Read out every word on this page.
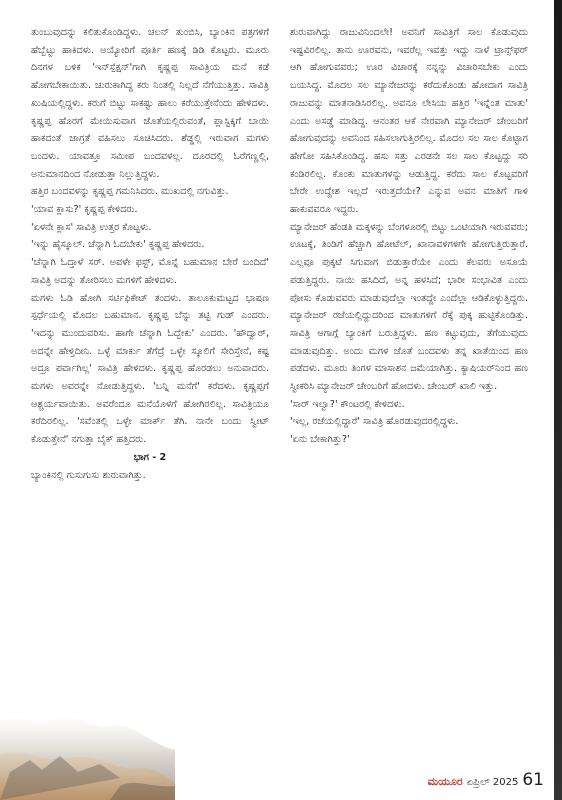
ತುಂಬುವುದನ್ನು ಕಲಿತುಕೊಂಡಿದ್ದಳು. ಚಲನ್ ತುಂಬಿಸಿ, ಬ್ಯಾಂಕಿನ ಪತ್ರಗಳಿಗೆ ಹೆಬ್ಬೆಟ್ಟು ಹಾಕಿದಳು. ಅಯ್ಯೋರಿಗೆ ಪೂರ್ತಿ ಹಣಕ್ಕೆ ಡಿಡಿ ಕೊಟ್ಟರು. ಮೂರು ದಿನಗಳ ಬಳಿಕ 'ಇನ್‌ಸ್ಪೆಕ್ಷನ್'ಗಾಗಿ ಕೃಷ್ಣಪ್ಪ ಸಾವಿತ್ರಿಯ ಮನೆ ಕಡೆ ಹೋಗಬೇಕಾಯಿತು. ಚುರುಕಾಗಿದ್ದ ಕರು ನಿಂತಲ್ಲಿ ನಿಲ್ಲದೆ ನೆಗೆಯುತ್ತಿತ್ತು. ಸಾವಿತ್ರಿ ಖುಷಿಯಲ್ಲಿದ್ದಳು. ಕರುಗೆ ಬಿಟ್ಟು ಸಾಕಷ್ಟು ಹಾಲು ಕರೆಯುತ್ತೇನೆಂದು ಹೇಳಿದಳು. ಕೃಷ್ಣಪ್ಪ ಹೊರಗೆ ಮೇಯಿಸುವಾಗ ಜೊತೆಯಲ್ಲಿರುವಂತೆ, ಪ್ಲಾಸ್ಟಿಕ್ಕಿಗೆ ಬಾಯಿ ಹಾಕದಂತೆ ಜಾಗ್ರತೆ ವಹಿಸಲು ಸೂಚಿಸಿದರು. ಶೆಡ್ಡಲ್ಲಿ ಇರುವಾಗ ಮಗಳು ಬಂದಳು. ಯಾವತ್ತೂ ಸಮೀಪ ಬಂದವಳಲ್ಲ. ದೂರದಲ್ಲಿ ಓರೆಗಣ್ಣಲ್ಲಿ, ಅನುಮಾನದಿಂದ ನೋಡುತ್ತಾ ನಿಲ್ಲುತ್ತಿದ್ದಳು.

ಹತ್ತಿರ ಬಂದವಳನ್ನು ಕೃಷ್ಣಪ್ಪ ಗಮನಿಸಿದರು. ಮುಖದಲ್ಲಿ ನಗುವಿತ್ತು.

'ಯಾವ ಕ್ಲಾಸು?' ಕೃಷ್ಣಪ್ಪ ಕೇಳಿದರು.

'ಏಳನೇ ಕ್ಲಾಸ' ಸಾವಿತ್ರಿ ಉತ್ತರ ಕೊಟ್ಟಳು.

'ಇನ್ನು ಹೈಸ್ಕೂಲ್. ಚೆನ್ನಾಗಿ ಓದಬೇಕು' ಕೃಷ್ಣಪ್ಪ ಹೇಳಿದರು.

'ಚೆನ್ನಾಗಿ ಓದ್ತಾಳೆ ಸರ್. ಅವಳೇ ಫಸ್ಟ್, ಮೊನ್ನೆ ಬಹುಮಾನ ಬೇರೆ ಬಂದಿದೆ' ಸಾವಿತ್ರಿ ಅದನ್ನು ತೋರಿಸಲು ಮಗಳಿಗೆ ಹೇಳಿದಳು.

ಮಗಳು ಓಡಿ ಹೋಗಿ ಸರ್ಟಿಫಿಕೇಟ್ ತಂದಳು. ತಾಲೂಕುಮಟ್ಟದ ಭಾಷಣ ಸ್ಪರ್ಧೆಯಲ್ಲಿ ಮೊದಲ ಬಹುಮಾನ. ಕೃಷ್ಣಪ್ಪ ಬೆನ್ನು ತಟ್ಟಿ ಗುಡ್ ಎಂದರು. 'ಇದನ್ನು ಮುಂದುವರಿಸು. ಹಾಗೇ ಚೆನ್ನಾಗಿ ಓದ್ಬೇಕು' ಎಂದರು. 'ಹೌದ್ವಾರ್, ಅದನ್ನೇ ಹೇಳ್ತಿದೀನಿ. ಒಳ್ಳೆ ಮಾರ್ಕು ತೆಗೆದ್ರೆ ಒಳ್ಳೇ ಸ್ಕೂಲಿಗೆ ಸೇರಿಸ್ತೇನೆ, ಕಷ್ಟ ಅದ್ರೂ ಪರ್ವಾಗಿಲ್ಲ' ಸಾವಿತ್ರಿ ಹೇಳಿದಳು. ಕೃಷ್ಣಪ್ಪ ಹೊರಡಲು ಅನುವಾದರು. ಮಗಳು ಅವರನ್ನೇ ನೋಡುತ್ತಿದ್ದಳು. 'ಬನ್ನಿ ಮನೆಗೆ' ಕರೆದಳು. ಕೃಷ್ಣಪ್ಪಗೆ ಆಶ್ಚರ್ಯವಾಯಿತು. ಅವರೆಂದೂ ಮನೆಯೊಳಗೆ ಹೋಗಿರಲಿಲ್ಲ. ಸಾವಿತ್ರಿಯೂ ಕರೆದಿರಲಿಲ್ಲ. 'ಸವೆಂತಲ್ಲಿ ಒಳ್ಳೇ ಮಾರ್ಕ್ ತೆಗಿ. ನಾನೇ ಬಂದು ಸ್ವೀಟ್ ಕೊಡುತ್ತೇನೆ' ನಗುತ್ತಾ ಬೈಕ್ ಹತ್ತಿದರು.

ಭಾಗ - 2

ಬ್ಯಾಂಕಿನಲ್ಲಿ ಗುಸುಗುಸು ಶುರುವಾಗಿತ್ತು.

ಶುರುವಾಗಿದ್ದು ರಾಜುವಿನಿಂದಲೇ! ಅವನಿಗೆ ಸಾವಿತ್ರಿಗೆ ಸಾಲ ಕೊಡುವುದು ಇಷ್ಟವಿರಲಿಲ್ಲ. ತಾನು ಊರವನು, ಇವರೆಲ್ಲ ಇವತ್ತು ಇದ್ದು ನಾಳೆ ಟ್ರಾನ್ಸ್‌ಫರ್ ಆಗಿ ಹೋಗುವವರು; ಊರ ವಿಚಾರಕ್ಕೆ ನನ್ನನ್ನು ವಿಚಾರಿಸಬೇಕು ಎಂದು ಬಯಸಿದ್ದ. ಮೊದಲ ಸಲ ಮ್ಯಾನೇಜರನ್ನು ಕರೆದುಕೊಂಡು ಹೋದಾಗ ಸಾವಿತ್ರಿ ರಾಜುವನ್ನು ಮಾತನಾಡಿಸಿರಲಿಲ್ಲ. ಅವನೂ ಲೇಸಿಯ ಹತ್ತಿರ 'ಇನ್ನೆಂತ ಮಾತು' ಎಂದು ಅಸಡ್ಡೆ ಮಾಡಿದ್ದ. ಆನಂತರ ಆಕೆ ನೇರವಾಗಿ ಮ್ಯಾನೇಜರ್ ಚೇಂಬರಿಗೆ ಹೋಗುವುದನ್ನು ಅವನಿಂದ ಸಹಿಸಲಾಗುತ್ತಿರಲಿಲ್ಲ. ಮೊದಲ ಸಲ ಸಾಲ ಕೊಟ್ಟಾಗ ಹೇಗೋ ಸಹಿಸಿಕೊಂಡಿದ್ದ. ಹಸು ಸತ್ತು ಎರಡನೇ ಸಲ ಸಾಲ ಕೊಟ್ಟದ್ದು ಸರಿ ಕಂಡಿರಲಿಲ್ಲ. ಕೊಂಕು ಮಾತುಗಳನ್ನು ಆಡುತ್ತಿದ್ದ. ಕರೆದು ಸಾಲ ಕೊಟ್ಟವರಿಗೆ ಬೇರೇ ಉದ್ದೇಶ ಇಲ್ಲದೆ ಇರುತ್ತದೆಯೇ? ಎನ್ನುವ ಅವನ ಮಾತಿಗೆ ಗಾಳಿ ಹಾಕುವವರೂ ಇದ್ದರು.

ಮ್ಯಾನೇಜರ್ ಹೆಂಡತಿ ಮಕ್ಕಳನ್ನು ಬೆಂಗಳೂರಲ್ಲಿ ಬಿಟ್ಟು ಒಂಟಿಯಾಗಿ ಇರುವವರು; ಊಟಕ್ಕೆ, ತಿಂಡಿಗೆ ಹೆಚ್ಚಾಗಿ ಹೋಟೆಲ್, ಖಾನಾವಳಿಗಳಿಗೇ ಹೋಗುತ್ತಿರುತ್ತಾರೆ. ಎಲ್ಲವೂ ಪುಕ್ಕಟೆ ಸಿಗುವಾಗ ಬಿಡುತ್ತಾರೆಯೇ ಎಂದು ಕೆಲವರು ಅಸೂಯೆ ಪಡುತ್ತಿದ್ದರು. ನಾಯಿ ಹಸಿದಿದೆ, ಅನ್ನ ಹಳಸಿದೆ; ಭಾರೀ ಸಂಭಾವಿತ ಎಂದು ಪೋಸು ಕೊಡುವವರು ಮಾಡುವುದೆಲ್ಲಾ ಇಂತದ್ದೇ ಎಂದೆಲ್ಲಾ ಆಡಿಕೊಳ್ಳುತ್ತಿದ್ದರು. ಮ್ಯಾನೇಜರ್ ರಜೆಯಲ್ಲಿದ್ದುದರಿಂದ ಮಾತುಗಳಿಗೆ ರೆಕ್ಕೆ ಪುಕ್ಕ ಹುಟ್ಟಿಕೊಂಡಿತ್ತು. ಸಾವಿತ್ರಿ ಆಗಾಗ್ಗೆ ಬ್ಯಾಂಕಿಗೆ ಬರುತ್ತಿದ್ದಳು. ಹಣ ಕಟ್ಟುವುದು, ತೆಗೆಯುವುದು ಮಾಡುವುದಿತ್ತು. ಅಂದು ಮಗಳ ಜೊತೆ ಬಂದವಳು ತನ್ನ ಖಾತೆಯಿಂದ ಹಣ ಪಡೆದಳು. ಮೂರು ತಿಂಗಳ ಮಾಸಾಶನ ಜಮೆಯಾಗಿತ್ತು. ಕ್ಯಾಷಿಯರ್‌ನಿಂದ ಹಣ ಸ್ವೀಕರಿಸಿ ಮ್ಯಾನೇಜರ್ ಚೇಂಬರಿಗೆ ಹೋದಳು. ಚೇಂಬರ್ ಖಾಲಿ ಇತ್ತು.

'ಸಾರ್ ಇಲ್ವಾ?' ಕೌಂಟರಲ್ಲಿ ಕೇಳಿದಳು.

'ಇಲ್ಲ, ರಜೆಯಲ್ಲಿದ್ದಾರೆ' ಸಾವಿತ್ರಿ ಹೊರಡುವುದರಲ್ಲಿದ್ದಳು.

'ಏನು ಬೇಕಾಗಿತ್ತು?'

ಮಯೂರ ಏಪ್ರಿಲ್ 2025 61
